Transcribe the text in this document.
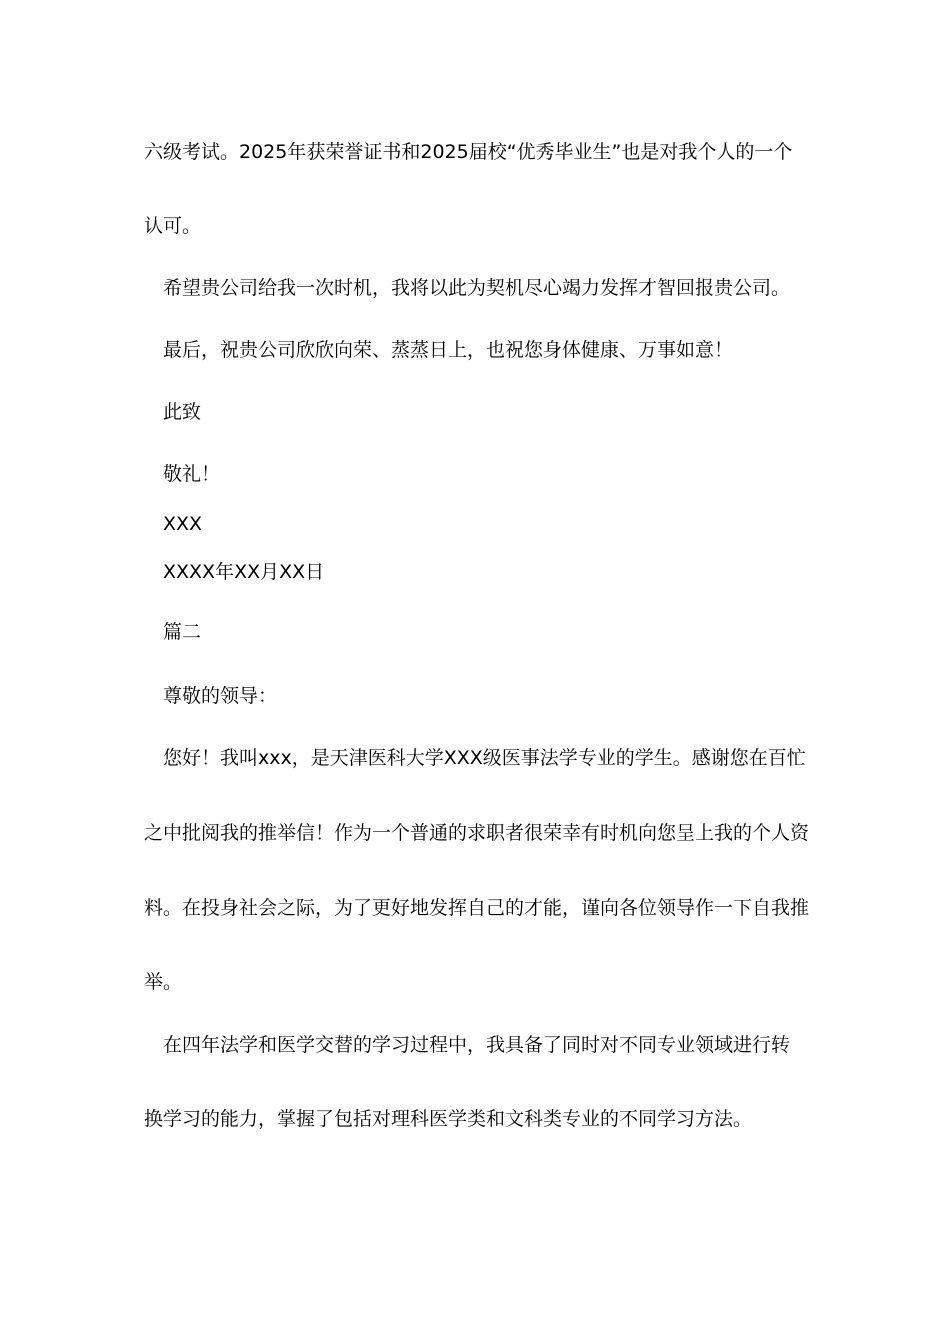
六级考试。2025年获荣誉证书和2025届校“优秀毕业生”也是对我个人的一个
认可。
希望贵公司给我一次时机，我将以此为契机尽心竭力发挥才智回报贵公司。
最后，祝贵公司欣欣向荣、蒸蒸日上，也祝您身体健康、万事如意！
此致
敬礼！
XXX
XXXX年XX月XX日
篇二
尊敬的领导：
您好！我叫xxx，是天津医科大学XXX级医事法学专业的学生。感谢您在百忙
之中批阅我的推举信！作为一个普通的求职者很荣幸有时机向您呈上我的个人资
料。在投身社会之际，为了更好地发挥自己的才能，谨向各位领导作一下自我推
举。
在四年法学和医学交替的学习过程中，我具备了同时对不同专业领域进行转
换学习的能力，掌握了包括对理科医学类和文科类专业的不同学习方法。
